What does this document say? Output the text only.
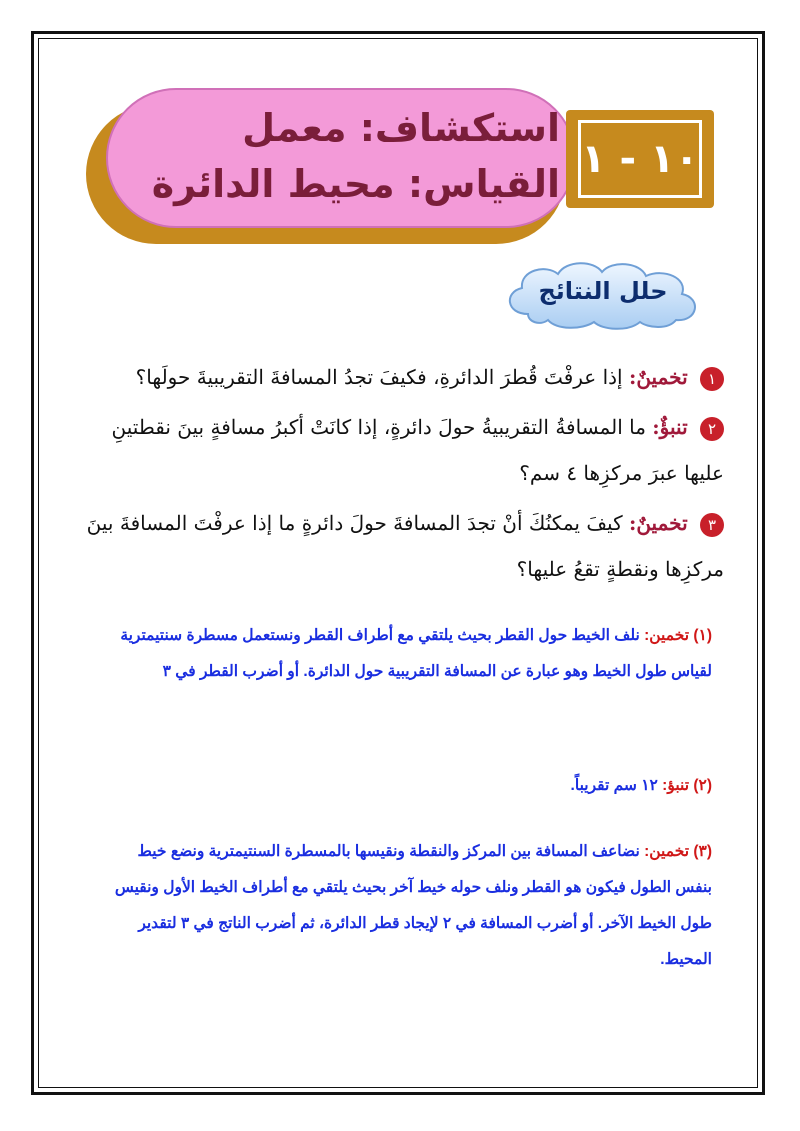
استكشاف: معمل
القياس: محيط الدائرة
١٠ - ١
حلل النتائج
١ تخمينٌ: إذا عرفْتَ قُطرَ الدائرةِ، فكيفَ تجدُ المسافةَ التقريبيةَ حولَها؟
٢ تنبؤٌ: ما المسافةُ التقريبيةُ حولَ دائرةٍ، إذا كانَتْ أكبرُ مسافةٍ بينَ نقطتينِ عليها عبرَ مركزِها ٤ سم؟
٣ تخمينٌ: كيفَ يمكنُكَ أنْ تجدَ المسافةَ حولَ دائرةٍ ما إذا عرفْتَ المسافةَ بينَ مركزِها ونقطةٍ تقعُ عليها؟
(١) تخمين: نلف الخيط حول القطر بحيث يلتقي مع أطراف القطر ونستعمل مسطرة سنتيمترية لقياس طول الخيط وهو عبارة عن المسافة التقريبية حول الدائرة. أو أضرب القطر في ٣
(٢) تنبؤ: ١٢ سم تقريباً.
(٣) تخمين: نضاعف المسافة بين المركز والنقطة ونقيسها بالمسطرة السنتيمترية ونضع خيط بنفس الطول فيكون هو القطر ونلف حوله خيط آخر بحيث يلتقي مع أطراف الخيط الأول ونقيس طول الخيط الآخر. أو أضرب المسافة في ٢ لإيجاد قطر الدائرة، ثم أضرب الناتج في ٣ لتقدير المحيط.
